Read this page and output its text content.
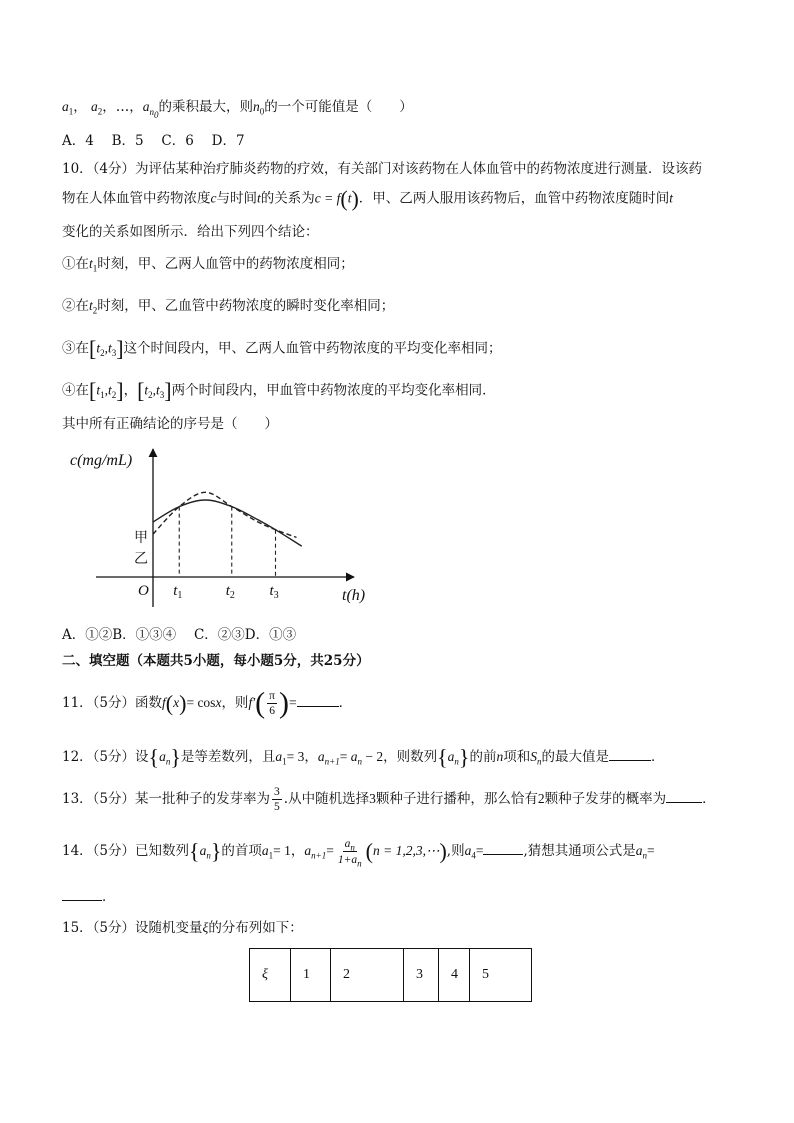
$a_1$， $a_2$，…，$a_{n_0}$的乘积最大，则$n_0$的一个可能值是（　　）
A．4　 B．5　 C．6　 D．7
10．（4分）为评估某种治疗肺炎药物的疗效，有关部门对该药物在人体血管中的药物浓度进行测量．设该药
物在人体血管中药物浓度c与时间t的关系为c = f(t)．甲、乙两人服用该药物后，血管中药物浓度随时间t
变化的关系如图所示．给出下列四个结论：
①在$t_1$时刻，甲、乙两人血管中的药物浓度相同；
②在$t_2$时刻，甲、乙血管中药物浓度的瞬时变化率相同；
③在$[t_2,t_3]$这个时间段内，甲、乙两人血管中药物浓度的平均变化率相同；
④在$[t_1,t_2]$，$[t_2,t_3]$两个时间段内，甲血管中药物浓度的平均变化率相同．
其中所有正确结论的序号是（　　）
c(mg/mL)
t(h)
O
甲
乙
$t_1$	$t_2$ $t_3$
A．①②B．①③④　 C．②③D．①③
二、填空题（本题共5小题，每小题5分，共25分）
11．（5分）函数f(x)= cosx，则$f'( \frac{\pi}{6}$ )=	．
12．（5分）设$\{a_n\}$是等差数列，且$a_1= 3$，$a_{n+1}= a_n - 2$，则数列$\{a_n\}$的前n项和$S_n$的最大值是	．
13．（5分）某一批种子的发芽率为 $\frac{3}{5}$ .从中随机选择3颗种子进行播种，那么恰有2颗种子发芽的概率为	．
14．（5分）已知数列$\{a_n\}$的首项$a_1= 1$，$a_{n+1}= \frac{a_n}{1+a_n} (n$ = 1,2,3,⋯),则$a_4=$	,猜想其通项公式是$a_n=$
．
15．（5分）设随机变量ξ的分布列如下：
ξ	1	2	3	4	5
